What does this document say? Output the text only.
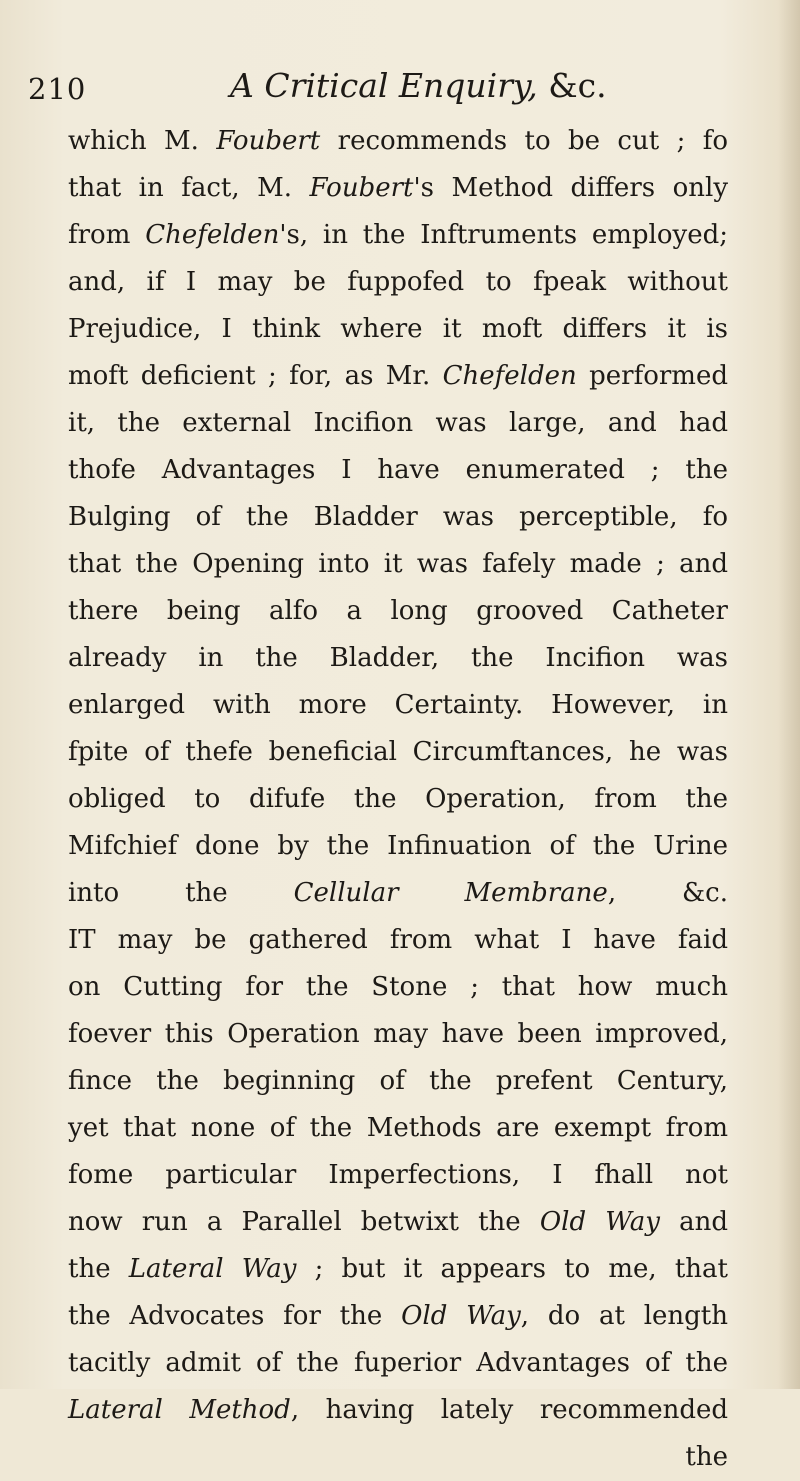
210	A Critical Enquiry, &c.
which M. Foubert recommends to be cut ; fo
that in fact, M. Foubert's Method differs only
from Chefelden's, in the Inftruments employed;
and, if I may be fuppofed to fpeak without
Prejudice, I think where it moft differs it is
moft deficient ; for, as Mr. Chefelden performed
it, the external Incifion was large, and had
thofe Advantages I have enumerated ; the
Bulging of the Bladder was perceptible, fo
that the Opening into it was fafely made ; and
there being alfo a long grooved Catheter
already in the Bladder, the Incifion was
enlarged with more Certainty. However, in
fpite of thefe beneficial Circumftances, he was
obliged to difufe the Operation, from the
Mifchief done by the Infinuation of the Urine
into the Cellular Membrane, &c.
IT may be gathered from what I have faid
on Cutting for the Stone ; that how much
foever this Operation may have been improved,
fince the beginning of the prefent Century,
yet that none of the Methods are exempt from
fome particular Imperfections, I fhall not
now run a Parallel betwixt the Old Way and
the Lateral Way ; but it appears to me, that
the Advocates for the Old Way, do at length
tacitly admit of the fuperior Advantages of the
Lateral Method, having lately recommended
the
